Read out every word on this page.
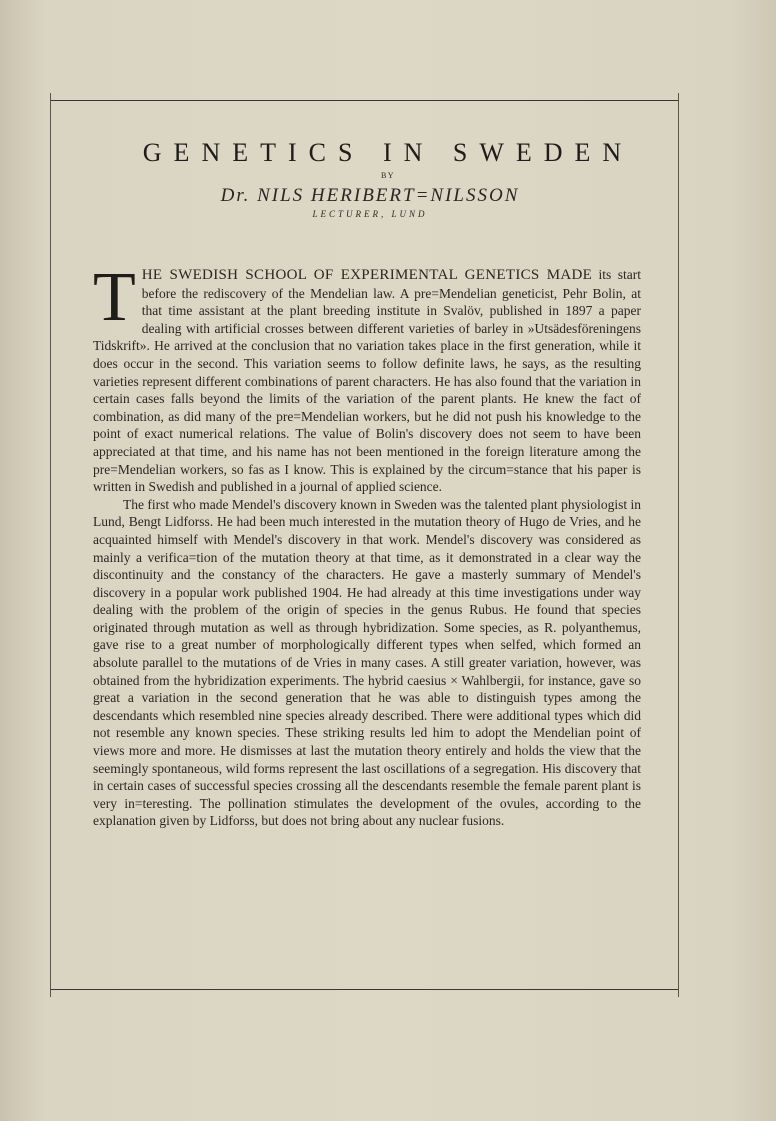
GENETICS IN SWEDEN
BY
Dr. NILS HERIBERT=NILSSON
LECTURER, LUND

THE SWEDISH SCHOOL OF EXPERIMENTAL GENETICS MADE its start before the rediscovery of the Mendelian law. A pre=Mendelian geneticist, Pehr Bolin, at that time assistant at the plant breeding institute in Svalöv, published in 1897 a paper dealing with artificial crosses between different varieties of barley in »Utsädesföreningens Tidskrift». He arrived at the conclusion that no variation takes place in the first generation, while it does occur in the second. This variation seems to follow definite laws, he says, as the resulting varieties represent different combinations of parent characters. He has also found that the variation in certain cases falls beyond the limits of the variation of the parent plants. He knew the fact of combination, as did many of the pre=Mendelian workers, but he did not push his knowledge to the point of exact numerical relations. The value of Bolin's discovery does not seem to have been appreciated at that time, and his name has not been mentioned in the foreign literature among the pre=Mendelian workers, so fas as I know. This is explained by the circum=stance that his paper is written in Swedish and published in a journal of applied science.

The first who made Mendel's discovery known in Sweden was the talented plant physiologist in Lund, Bengt Lidforss. He had been much interested in the mutation theory of Hugo de Vries, and he acquainted himself with Mendel's discovery in that work. Mendel's discovery was considered as mainly a verifica=tion of the mutation theory at that time, as it demonstrated in a clear way the discontinuity and the constancy of the characters. He gave a masterly summary of Mendel's discovery in a popular work published 1904. He had already at this time investigations under way dealing with the problem of the origin of species in the genus Rubus. He found that species originated through mutation as well as through hybridization. Some species, as R. polyanthemus, gave rise to a great number of morphologically different types when selfed, which formed an absolute parallel to the mutations of de Vries in many cases. A still greater variation, however, was obtained from the hybridization experiments. The hybrid caesius × Wahlbergii, for instance, gave so great a variation in the second generation that he was able to distinguish types among the descendants which resembled nine species already described. There were additional types which did not resemble any known species. These striking results led him to adopt the Mendelian point of views more and more. He dismisses at last the mutation theory entirely and holds the view that the seemingly spontaneous, wild forms represent the last oscillations of a segregation. His discovery that in certain cases of successful species crossing all the descendants resemble the female parent plant is very in=teresting. The pollination stimulates the development of the ovules, according to the explanation given by Lidforss, but does not bring about any nuclear fusions.
